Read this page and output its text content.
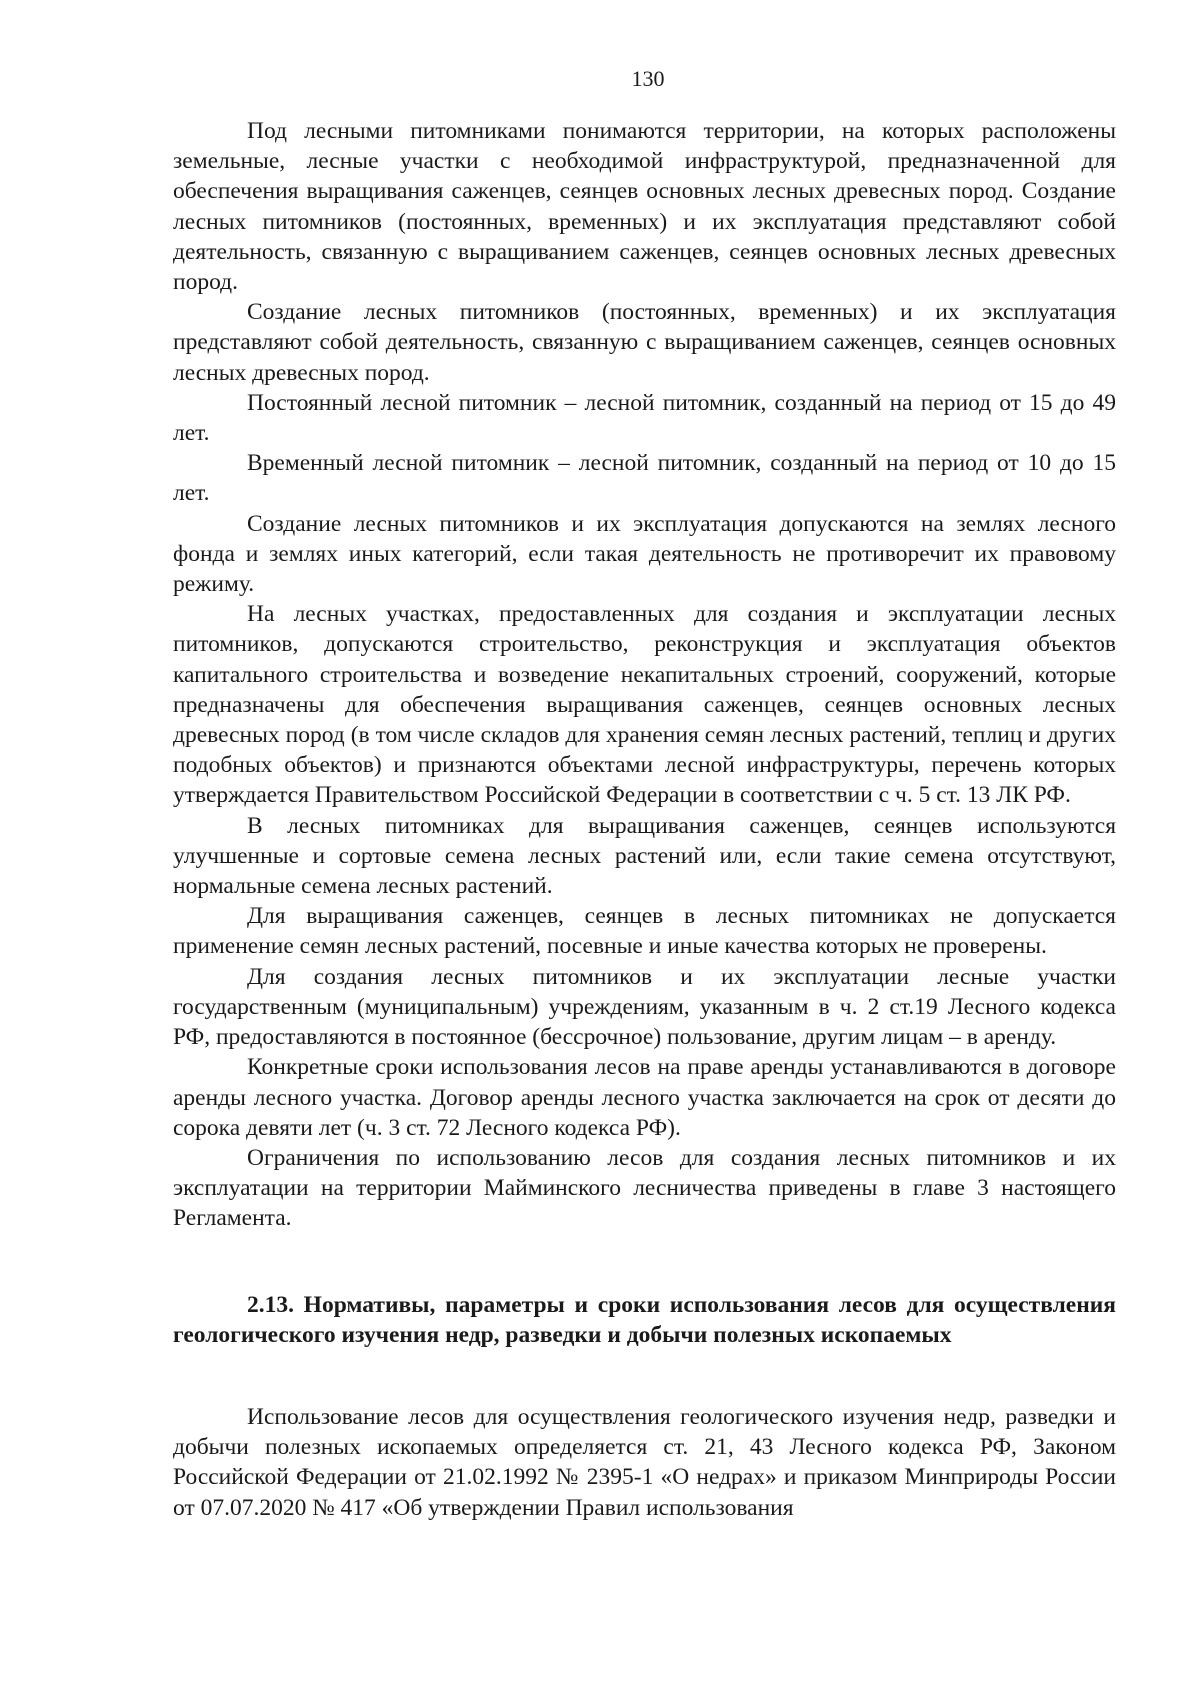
130

Под лесными питомниками понимаются территории, на которых расположены земельные, лесные участки с необходимой инфраструктурой, предназначенной для обеспечения выращивания саженцев, сеянцев основных лесных древесных пород. Создание лесных питомников (постоянных, временных) и их эксплуатация представляют собой деятельность, связанную с выращиванием саженцев, сеянцев основных лесных древесных пород.

Создание лесных питомников (постоянных, временных) и их эксплуатация представляют собой деятельность, связанную с выращиванием саженцев, сеянцев основных лесных древесных пород.

Постоянный лесной питомник – лесной питомник, созданный на период от 15 до 49 лет.

Временный лесной питомник – лесной питомник, созданный на период от 10 до 15 лет.

Создание лесных питомников и их эксплуатация допускаются на землях лесного фонда и землях иных категорий, если такая деятельность не противоречит их правовому режиму.

На лесных участках, предоставленных для создания и эксплуатации лесных питомников, допускаются строительство, реконструкция и эксплуатация объектов капитального строительства и возведение некапитальных строений, сооружений, которые предназначены для обеспечения выращивания саженцев, сеянцев основных лесных древесных пород (в том числе складов для хранения семян лесных растений, теплиц и других подобных объектов) и признаются объектами лесной инфраструктуры, перечень которых утверждается Правительством Российской Федерации в соответствии с ч. 5 ст. 13 ЛК РФ.

В лесных питомниках для выращивания саженцев, сеянцев используются улучшенные и сортовые семена лесных растений или, если такие семена отсутствуют, нормальные семена лесных растений.

Для выращивания саженцев, сеянцев в лесных питомниках не допускается применение семян лесных растений, посевные и иные качества которых не проверены.

Для создания лесных питомников и их эксплуатации лесные участки государственным (муниципальным) учреждениям, указанным в ч. 2 ст.19 Лесного кодекса РФ, предоставляются в постоянное (бессрочное) пользование, другим лицам – в аренду.

Конкретные сроки использования лесов на праве аренды устанавливаются в договоре аренды лесного участка. Договор аренды лесного участка заключается на срок от десяти до сорока девяти лет (ч. 3 ст. 72 Лесного кодекса РФ).

Ограничения по использованию лесов для создания лесных питомников и их эксплуатации на территории Майминского лесничества приведены в главе 3 настоящего Регламента.

2.13. Нормативы, параметры и сроки использования лесов для осуществления геологического изучения недр, разведки и добычи полезных ископаемых

Использование лесов для осуществления геологического изучения недр, разведки и добычи полезных ископаемых определяется ст. 21, 43 Лесного кодекса РФ, Законом Российской Федерации от 21.02.1992 № 2395-1 «О недрах» и приказом Минприроды России от 07.07.2020 № 417 «Об утверждении Правил использования
